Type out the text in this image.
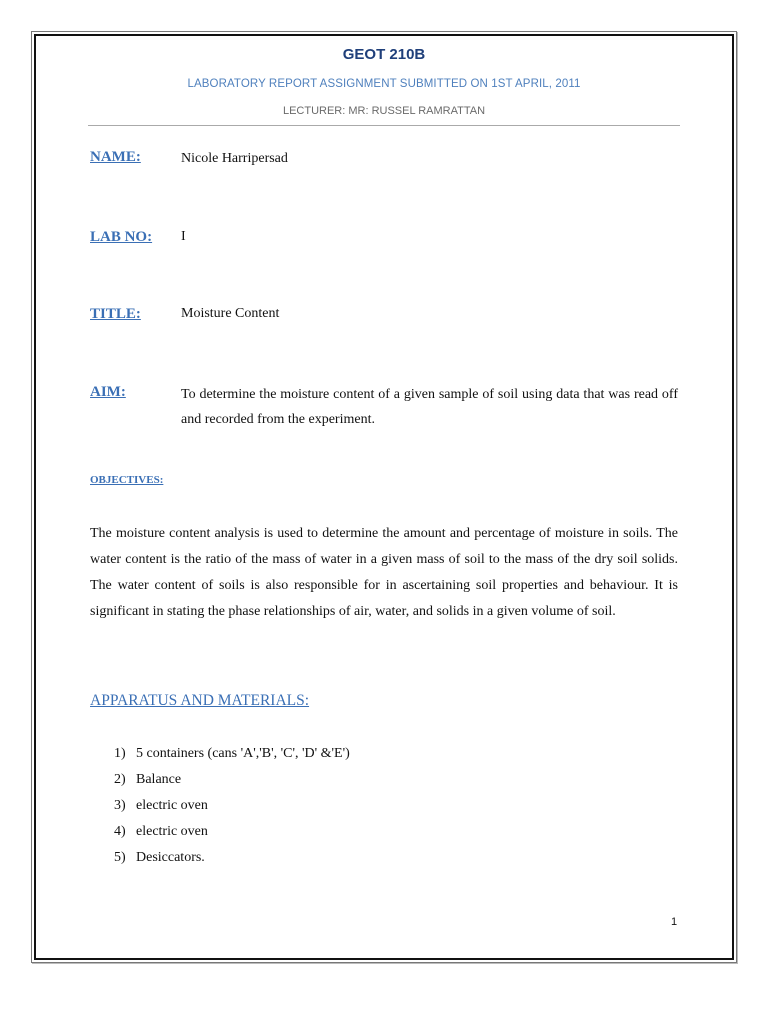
GEOT 210B
LABORATORY REPORT ASSIGNMENT SUBMITTED ON 1ST APRIL, 2011
LECTURER: MR: RUSSEL RAMRATTAN
NAME:	Nicole Harripersad
LAB NO: I
TITLE:	Moisture Content
AIM:	To determine the moisture content of a given sample of soil using data that was read off and recorded from the experiment.
OBJECTIVES:
The moisture content analysis is used to determine the amount and percentage of moisture in soils. The water content is the ratio of the mass of water in a given mass of soil to the mass of the dry soil solids. The water content of soils is also responsible for in ascertaining soil properties and behaviour. It is significant in stating the phase relationships of air, water, and solids in a given volume of soil.
APPARATUS AND MATERIALS:
1) 5 containers (cans 'A','B', 'C', 'D' &'E')
2) Balance
3) electric oven
4) electric oven
5) Desiccators.
1
